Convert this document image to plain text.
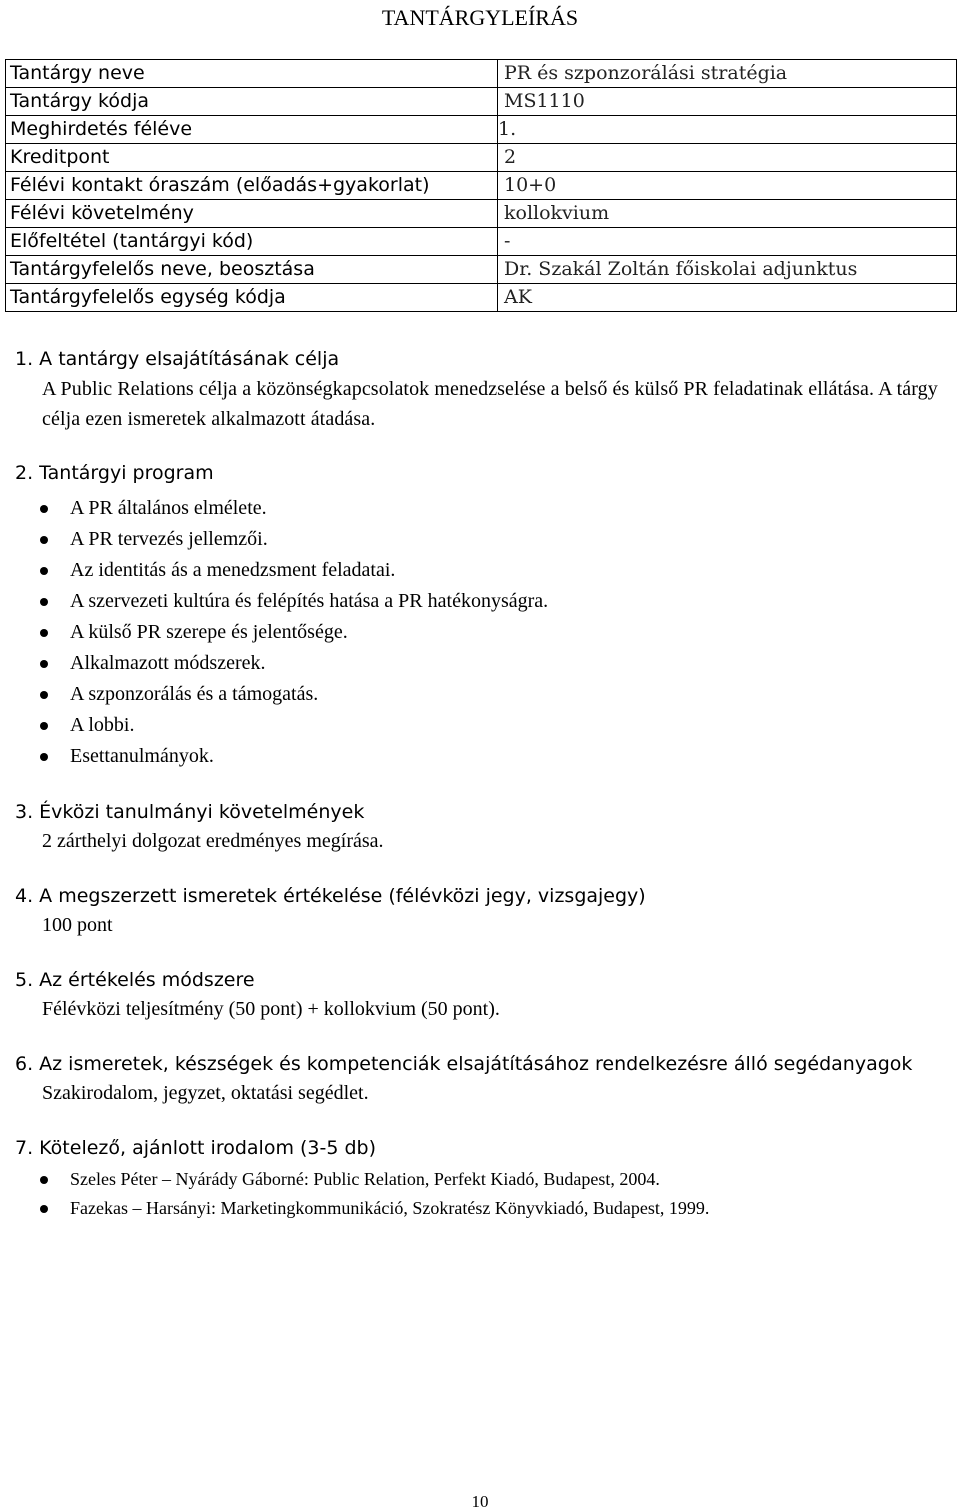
TANTÁRGYLEÍRÁS
Tantárgy neve	PR és szponzorálási stratégia
Tantárgy kódja	MS1110
Meghirdetés féléve	1.
Kreditpont	2
Félévi kontakt óraszám (előadás+gyakorlat)	10+0
Félévi követelmény	kollokvium
Előfeltétel (tantárgyi kód)	-
Tantárgyfelelős neve, beosztása	Dr. Szakál Zoltán főiskolai adjunktus
Tantárgyfelelős egység kódja	AK
1. A tantárgy elsajátításának célja
A Public Relations célja a közönségkapcsolatok menedzselése a belső és külső PR feladatinak ellátása. A tárgy célja ezen ismeretek alkalmazott átadása.
2. Tantárgyi program
A PR általános elmélete.
A PR tervezés jellemzői.
Az identitás ás a menedzsment feladatai.
A szervezeti kultúra és felépítés hatása a PR hatékonyságra.
A külső PR szerepe és jelentősége.
Alkalmazott módszerek.
A szponzorálás és a támogatás.
A lobbi.
Esettanulmányok.
3. Évközi tanulmányi követelmények
2 zárthelyi dolgozat eredményes megírása.
4. A megszerzett ismeretek értékelése (félévközi jegy, vizsgajegy)
100 pont
5. Az értékelés módszere
Félévközi teljesítmény (50 pont) + kollokvium (50 pont).
6. Az ismeretek, készségek és kompetenciák elsajátításához rendelkezésre álló segédanyagok
Szakirodalom, jegyzet, oktatási segédlet.
7. Kötelező, ajánlott irodalom (3-5 db)
Szeles Péter – Nyárády Gáborné: Public Relation, Perfekt Kiadó, Budapest, 2004.
Fazekas – Harsányi: Marketingkommunikáció, Szokratész Könyvkiadó, Budapest, 1999.
10
